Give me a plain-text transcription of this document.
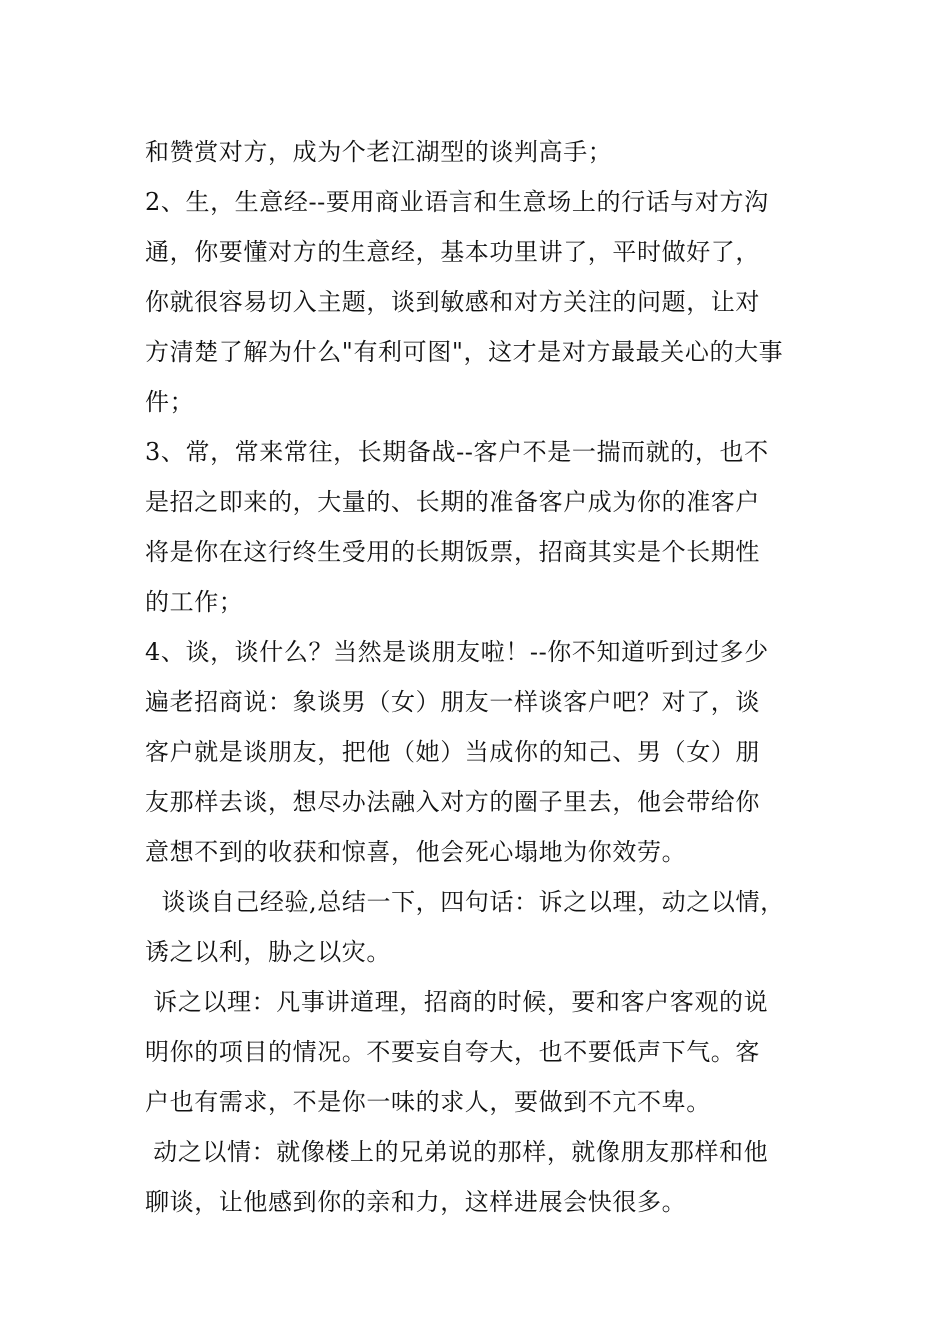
和赞赏对方，成为个老江湖型的谈判高手；
2、生，生意经--要用商业语言和生意场上的行话与对方沟
通，你要懂对方的生意经，基本功里讲了，平时做好了，
你就很容易切入主题，谈到敏感和对方关注的问题，让对
方清楚了解为什么"有利可图"，这才是对方最最关心的大事
件；
3、常，常来常往，长期备战--客户不是一揣而就的，也不
是招之即来的，大量的、长期的准备客户成为你的准客户
将是你在这行终生受用的长期饭票，招商其实是个长期性
的工作；
4、谈，谈什么？当然是谈朋友啦！--你不知道听到过多少
遍老招商说：象谈男（女）朋友一样谈客户吧？对了，谈
客户就是谈朋友，把他（她）当成你的知己、男（女）朋
友那样去谈，想尽办法融入对方的圈子里去，他会带给你
意想不到的收获和惊喜，他会死心塌地为你效劳。
谈谈自己经验,总结一下，四句话：诉之以理，动之以情，
诱之以利，胁之以灾。
诉之以理：凡事讲道理，招商的时候，要和客户客观的说
明你的项目的情况。不要妄自夸大，也不要低声下气。客
户也有需求，不是你一味的求人，要做到不亢不卑。
动之以情：就像楼上的兄弟说的那样，就像朋友那样和他
聊谈，让他感到你的亲和力，这样进展会快很多。
